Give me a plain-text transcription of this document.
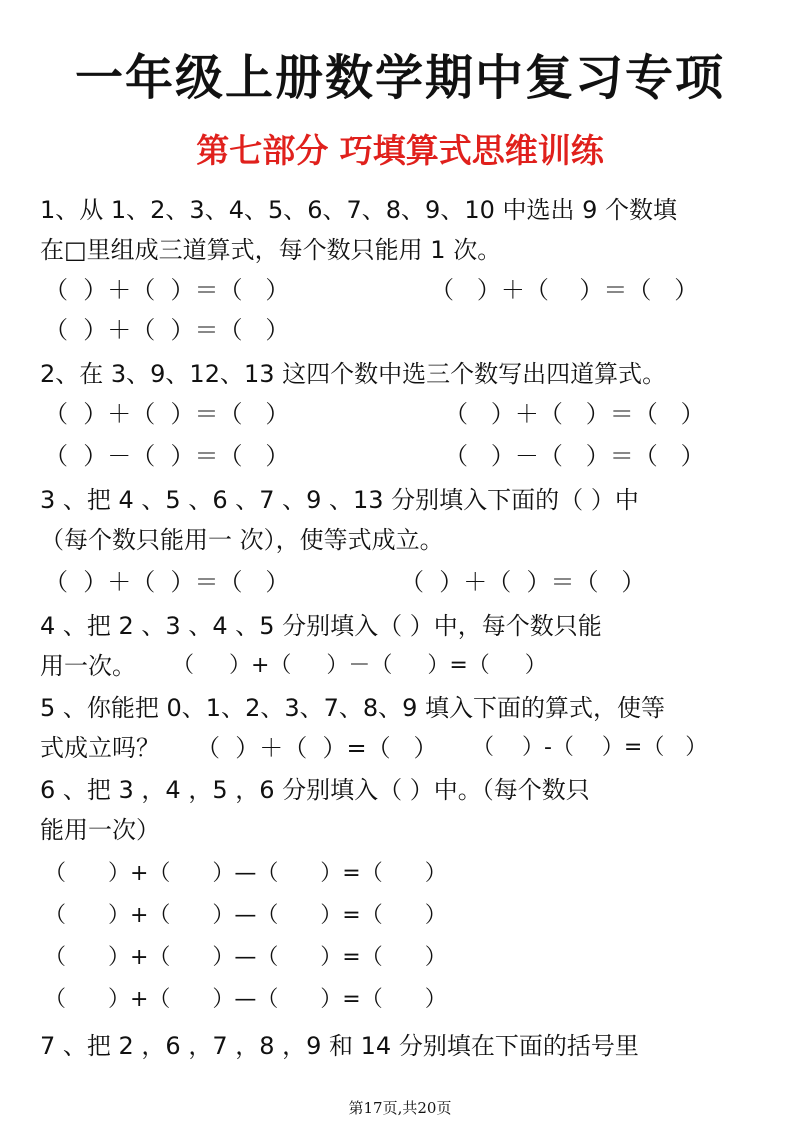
一年级上册数学期中复习专项
第七部分 巧填算式思维训练
1、从 1、2、3、4、5、6、7、8、9、10 中选出 9 个数填
在□里组成三道算式，每个数只能用 1 次。
（  ）＋（  ）＝（   ）	（   ）＋（    ）＝（   ）
（  ）＋（  ）＝（   ）
2、在 3、9、12、13 这四个数中选三个数写出四道算式。
（  ）＋（  ）＝（   ）	（   ）＋（   ）＝（   ）
（  ）－（  ）＝（   ）	（   ）－（   ）＝（   ）
3 、把 4 、5 、6 、7 、9 、13 分别填入下面的（ ）中
（每个数只能用一 次），使等式成立。
（  ）＋（  ）＝（   ）	（  ）＋（  ）＝（   ）
4 、把 2 、3 、4 、5 分别填入（ ）中，每个数只能
用一次。	（     ）+（     ）－（     ）=（     ）
5 、你能把 0、1、2、3、7、8、9 填入下面的算式，使等
式成立吗？	（  ）＋（  ）=（   ） （    ）-（    ）=（   ）
6 、把 3 ，4 ，5 ，6 分别填入（ ）中。（每个数只
能用一次）
（      ）+（      ）—（      ）=（      ）
（      ）+（      ）—（      ）=（      ）
（      ）+（      ）—（      ）=（      ）
（      ）+（      ）—（      ）=（      ）
7 、把 2 ，6 ，7 ，8 ，9 和 14 分别填在下面的括号里
第17页,共20页
